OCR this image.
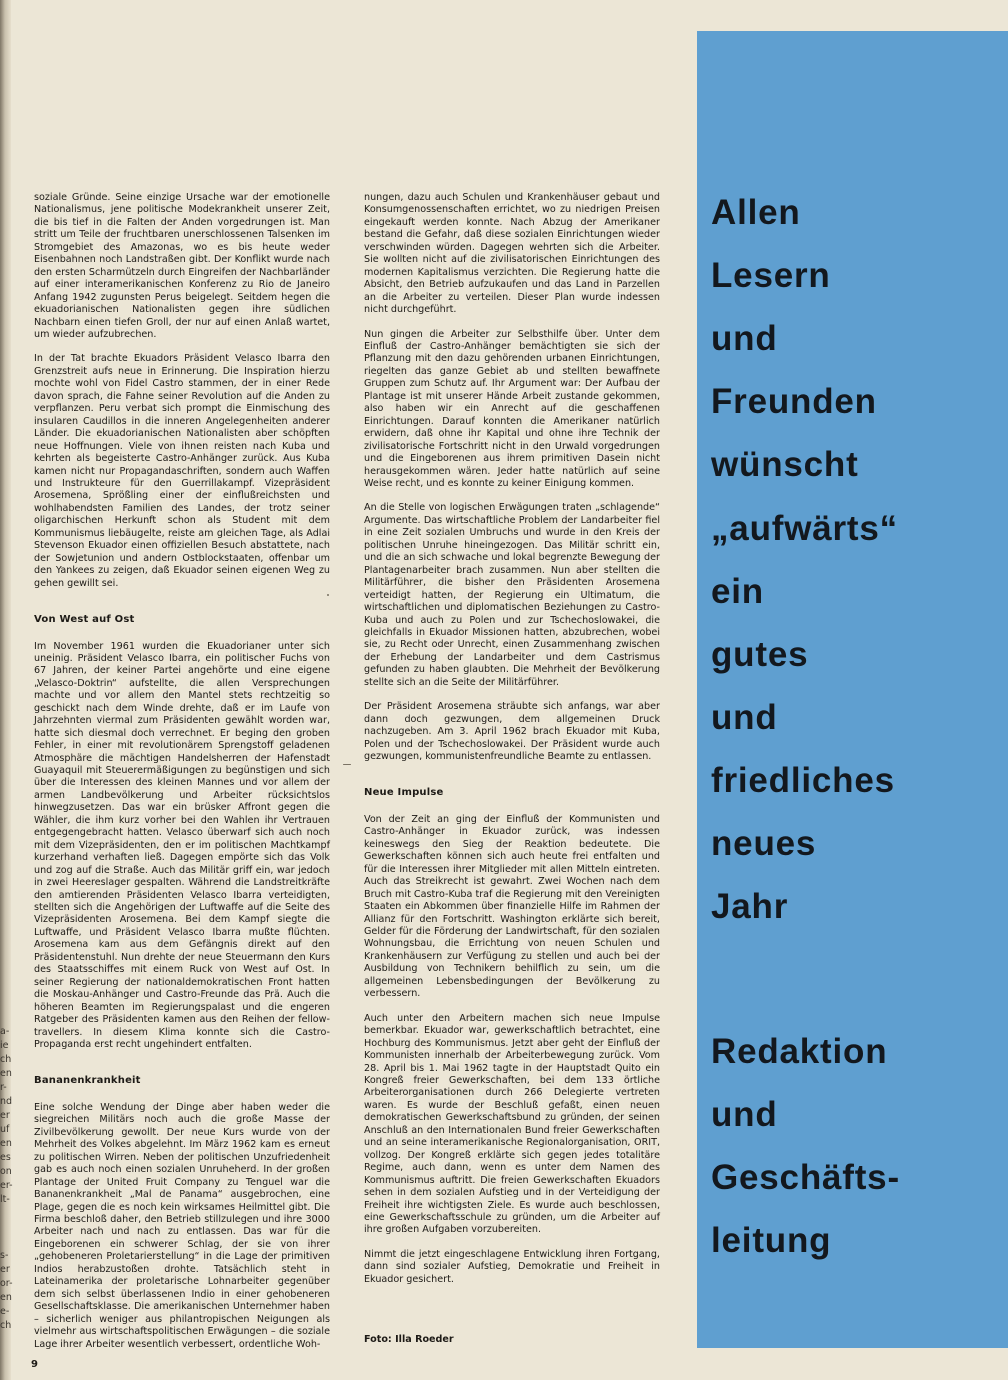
a-
ie
ch
en
r-
nd
er
uf
en
es
on
er-
lt-

s-
er
or-
en
e-
ch

soziale Gründe. Seine einzige Ursache war der emotionelle Nationalismus, jene politische Modekrankheit unserer Zeit, die bis tief in die Falten der Anden vorgedrungen ist. Man stritt um Teile der fruchtbaren unerschlossenen Talsenken im Stromgebiet des Amazonas, wo es bis heute weder Eisenbahnen noch Landstraßen gibt. Der Konflikt wurde nach den ersten Scharmützeln durch Eingreifen der Nachbarländer auf einer interamerikanischen Konferenz zu Rio de Janeiro Anfang 1942 zugunsten Perus beigelegt. Seitdem hegen die ekuadorianischen Nationalisten gegen ihre südlichen Nachbarn einen tiefen Groll, der nur auf einen Anlaß wartet, um wieder aufzubrechen.

In der Tat brachte Ekuadors Präsident Velasco Ibarra den Grenzstreit aufs neue in Erinnerung. Die Inspiration hierzu mochte wohl von Fidel Castro stammen, der in einer Rede davon sprach, die Fahne seiner Revolution auf die Anden zu verpflanzen. Peru verbat sich prompt die Einmischung des insularen Caudillos in die inneren Angelegenheiten anderer Länder. Die ekuadorianischen Nationalisten aber schöpften neue Hoffnungen. Viele von ihnen reisten nach Kuba und kehrten als begeisterte Castro-Anhänger zurück. Aus Kuba kamen nicht nur Propagandaschriften, sondern auch Waffen und Instrukteure für den Guerrillakampf. Vizepräsident Arosemena, Sprößling einer der einflußreichsten und wohlhabendsten Familien des Landes, der trotz seiner oligarchischen Herkunft schon als Student mit dem Kommunismus liebäugelte, reiste am gleichen Tage, als Adlai Stevenson Ekuador einen offiziellen Besuch abstattete, nach der Sowjetunion und andern Ostblockstaaten, offenbar um den Yankees zu zeigen, daß Ekuador seinen eigenen Weg zu gehen gewillt sei.

Von West auf Ost

Im November 1961 wurden die Ekuadorianer unter sich uneinig. Präsident Velasco Ibarra, ein politischer Fuchs von 67 Jahren, der keiner Partei angehörte und eine eigene „Velasco-Doktrin“ aufstellte, die allen Versprechungen machte und vor allem den Mantel stets rechtzeitig so geschickt nach dem Winde drehte, daß er im Laufe von Jahrzehnten viermal zum Präsidenten gewählt worden war, hatte sich diesmal doch verrechnet. Er beging den groben Fehler, in einer mit revolutionärem Sprengstoff geladenen Atmosphäre die mächtigen Handelsherren der Hafenstadt Guayaquil mit Steuerermäßigungen zu begünstigen und sich über die Interessen des kleinen Mannes und vor allem der armen Landbevölkerung und Arbeiter rücksichtslos hinwegzusetzen. Das war ein brüsker Affront gegen die Wähler, die ihm kurz vorher bei den Wahlen ihr Vertrauen entgegengebracht hatten. Velasco überwarf sich auch noch mit dem Vizepräsidenten, den er im politischen Machtkampf kurzerhand verhaften ließ. Dagegen empörte sich das Volk und zog auf die Straße. Auch das Militär griff ein, war jedoch in zwei Heereslager gespalten. Während die Landstreitkräfte den amtierenden Präsidenten Velasco Ibarra verteidigten, stellten sich die Angehörigen der Luftwaffe auf die Seite des Vizepräsidenten Arosemena. Bei dem Kampf siegte die Luftwaffe, und Präsident Velasco Ibarra mußte flüchten. Arosemena kam aus dem Gefängnis direkt auf den Präsidentenstuhl. Nun drehte der neue Steuermann den Kurs des Staatsschiffes mit einem Ruck von West auf Ost. In seiner Regierung der nationaldemokratischen Front hatten die Moskau-Anhänger und Castro-Freunde das Prä. Auch die höheren Beamten im Regierungspalast und die engeren Ratgeber des Präsidenten kamen aus den Reihen der fellow-travellers. In diesem Klima konnte sich die Castro-Propaganda erst recht ungehindert entfalten.

Bananenkrankheit

Eine solche Wendung der Dinge aber haben weder die siegreichen Militärs noch auch die große Masse der Zivilbevölkerung gewollt. Der neue Kurs wurde von der Mehrheit des Volkes abgelehnt. Im März 1962 kam es erneut zu politischen Wirren. Neben der politischen Unzufriedenheit gab es auch noch einen sozialen Unruheherd. In der großen Plantage der United Fruit Company zu Tenguel war die Bananenkrankheit „Mal de Panama“ ausgebrochen, eine Plage, gegen die es noch kein wirksames Heilmittel gibt. Die Firma beschloß daher, den Betrieb stillzulegen und ihre 3000 Arbeiter nach und nach zu entlassen. Das war für die Eingeborenen ein schwerer Schlag, der sie von ihrer „gehobeneren Proletarierstellung“ in die Lage der primitiven Indios herabzustoßen drohte. Tatsächlich steht in Lateinamerika der proletarische Lohnarbeiter gegenüber dem sich selbst überlassenen Indio in einer gehobeneren Gesellschaftsklasse. Die amerikanischen Unternehmer haben – sicherlich weniger aus philantropischen Neigungen als vielmehr aus wirtschaftspolitischen Erwägungen – die soziale Lage ihrer Arbeiter wesentlich verbessert, ordentliche Woh-

nungen, dazu auch Schulen und Krankenhäuser gebaut und Konsumgenossenschaften errichtet, wo zu niedrigen Preisen eingekauft werden konnte. Nach Abzug der Amerikaner bestand die Gefahr, daß diese sozialen Einrichtungen wieder verschwinden würden. Dagegen wehrten sich die Arbeiter. Sie wollten nicht auf die zivilisatorischen Einrichtungen des modernen Kapitalismus verzichten. Die Regierung hatte die Absicht, den Betrieb aufzukaufen und das Land in Parzellen an die Arbeiter zu verteilen. Dieser Plan wurde indessen nicht durchgeführt.

Nun gingen die Arbeiter zur Selbsthilfe über. Unter dem Einfluß der Castro-Anhänger bemächtigten sie sich der Pflanzung mit den dazu gehörenden urbanen Einrichtungen, riegelten das ganze Gebiet ab und stellten bewaffnete Gruppen zum Schutz auf. Ihr Argument war: Der Aufbau der Plantage ist mit unserer Hände Arbeit zustande gekommen, also haben wir ein Anrecht auf die geschaffenen Einrichtungen. Darauf konnten die Amerikaner natürlich erwidern, daß ohne ihr Kapital und ohne ihre Technik der zivilisatorische Fortschritt nicht in den Urwald vorgedrungen und die Eingeborenen aus ihrem primitiven Dasein nicht herausgekommen wären. Jeder hatte natürlich auf seine Weise recht, und es konnte zu keiner Einigung kommen.

An die Stelle von logischen Erwägungen traten „schlagende“ Argumente. Das wirtschaftliche Problem der Landarbeiter fiel in eine Zeit sozialen Umbruchs und wurde in den Kreis der politischen Unruhe hineingezogen. Das Militär schritt ein, und die an sich schwache und lokal begrenzte Bewegung der Plantagenarbeiter brach zusammen. Nun aber stellten die Militärführer, die bisher den Präsidenten Arosemena verteidigt hatten, der Regierung ein Ultimatum, die wirtschaftlichen und diplomatischen Beziehungen zu Castro-Kuba und auch zu Polen und zur Tschechoslowakei, die gleichfalls in Ekuador Missionen hatten, abzubrechen, wobei sie, zu Recht oder Unrecht, einen Zusammenhang zwischen der Erhebung der Landarbeiter und dem Castrismus gefunden zu haben glaubten. Die Mehrheit der Bevölkerung stellte sich an die Seite der Militärführer.

Der Präsident Arosemena sträubte sich anfangs, war aber dann doch gezwungen, dem allgemeinen Druck nachzugeben. Am 3. April 1962 brach Ekuador mit Kuba, Polen und der Tschechoslowakei. Der Präsident wurde auch gezwungen, kommunistenfreundliche Beamte zu entlassen.

Neue Impulse

Von der Zeit an ging der Einfluß der Kommunisten und Castro-Anhänger in Ekuador zurück, was indessen keineswegs den Sieg der Reaktion bedeutete. Die Gewerkschaften können sich auch heute frei entfalten und für die Interessen ihrer Mitglieder mit allen Mitteln eintreten. Auch das Streikrecht ist gewahrt. Zwei Wochen nach dem Bruch mit Castro-Kuba traf die Regierung mit den Vereinigten Staaten ein Abkommen über finanzielle Hilfe im Rahmen der Allianz für den Fortschritt. Washington erklärte sich bereit, Gelder für die Förderung der Landwirtschaft, für den sozialen Wohnungsbau, die Errichtung von neuen Schulen und Krankenhäusern zur Verfügung zu stellen und auch bei der Ausbildung von Technikern behilflich zu sein, um die allgemeinen Lebensbedingungen der Bevölkerung zu verbessern.

Auch unter den Arbeitern machen sich neue Impulse bemerkbar. Ekuador war, gewerkschaftlich betrachtet, eine Hochburg des Kommunismus. Jetzt aber geht der Einfluß der Kommunisten innerhalb der Arbeiterbewegung zurück. Vom 28. April bis 1. Mai 1962 tagte in der Hauptstadt Quito ein Kongreß freier Gewerkschaften, bei dem 133 örtliche Arbeiterorganisationen durch 266 Delegierte vertreten waren. Es wurde der Beschluß gefaßt, einen neuen demokratischen Gewerkschaftsbund zu gründen, der seinen Anschluß an den Internationalen Bund freier Gewerkschaften und an seine interamerikanische Regionalorganisation, ORIT, vollzog. Der Kongreß erklärte sich gegen jedes totalitäre Regime, auch dann, wenn es unter dem Namen des Kommunismus auftritt. Die freien Gewerkschaften Ekuadors sehen in dem sozialen Aufstieg und in der Verteidigung der Freiheit ihre wichtigsten Ziele. Es wurde auch beschlossen, eine Gewerkschaftsschule zu gründen, um die Arbeiter auf ihre großen Aufgaben vorzubereiten.

Nimmt die jetzt eingeschlagene Entwicklung ihren Fortgang, dann sind sozialer Aufstieg, Demokratie und Freiheit in Ekuador gesichert.

Foto: Illa Roeder
9
Allen
Lesern
und
Freunden
wünscht
„aufwärts“
ein
gutes
und
friedliches
neues
Jahr
Redaktion
und
Geschäfts-
leitung
